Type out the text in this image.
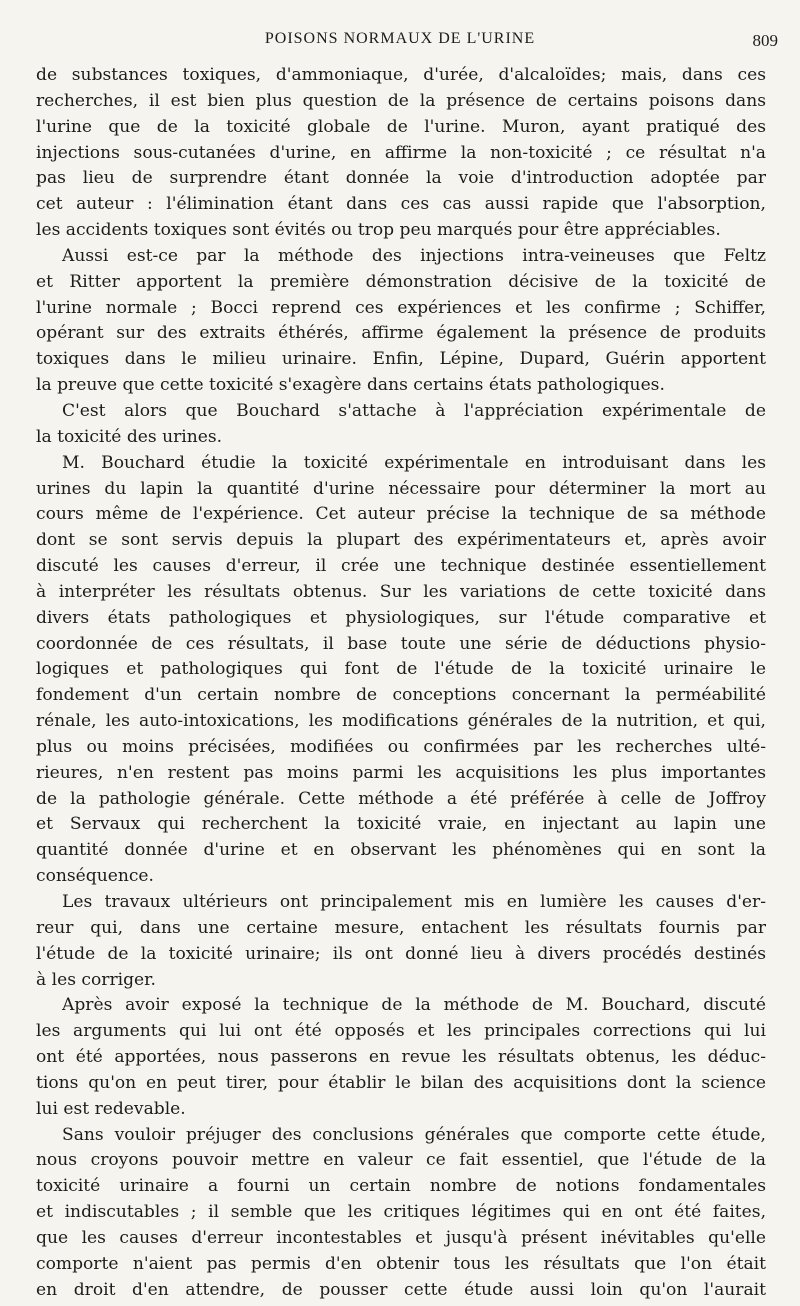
POISONS NORMAUX DE L'URINE	809
de substances toxiques, d'ammoniaque, d'urée, d'alcaloïdes; mais, dans ces
recherches, il est bien plus question de la présence de certains poisons dans
l'urine que de la toxicité globale de l'urine. Muron, ayant pratiqué des
injections sous-cutanées d'urine, en affirme la non-toxicité ; ce résultat n'a
pas lieu de surprendre étant donnée la voie d'introduction adoptée par
cet auteur : l'élimination étant dans ces cas aussi rapide que l'absorption,
les accidents toxiques sont évités ou trop peu marqués pour être appréciables.
Aussi est-ce par la méthode des injections intra-veineuses que Feltz
et Ritter apportent la première démonstration décisive de la toxicité de
l'urine normale ; Bocci reprend ces expériences et les confirme ; Schiffer,
opérant sur des extraits éthérés, affirme également la présence de produits
toxiques dans le milieu urinaire. Enfin, Lépine, Dupard, Guérin apportent
la preuve que cette toxicité s'exagère dans certains états pathologiques.
C'est alors que Bouchard s'attache à l'appréciation expérimentale de
la toxicité des urines.
M. Bouchard étudie la toxicité expérimentale en introduisant dans les
urines du lapin la quantité d'urine nécessaire pour déterminer la mort au
cours même de l'expérience. Cet auteur précise la technique de sa méthode
dont se sont servis depuis la plupart des expérimentateurs et, après avoir
discuté les causes d'erreur, il crée une technique destinée essentiellement
à interpréter les résultats obtenus. Sur les variations de cette toxicité dans
divers états pathologiques et physiologiques, sur l'étude comparative et
coordonnée de ces résultats, il base toute une série de déductions physio-
logiques et pathologiques qui font de l'étude de la toxicité urinaire le
fondement d'un certain nombre de conceptions concernant la perméabilité
rénale, les auto-intoxications, les modifications générales de la nutrition, et qui,
plus ou moins précisées, modifiées ou confirmées par les recherches ulté-
rieures, n'en restent pas moins parmi les acquisitions les plus importantes
de la pathologie générale. Cette méthode a été préférée à celle de Joffroy
et Servaux qui recherchent la toxicité vraie, en injectant au lapin une
quantité donnée d'urine et en observant les phénomènes qui en sont la
conséquence.
Les travaux ultérieurs ont principalement mis en lumière les causes d'er-
reur qui, dans une certaine mesure, entachent les résultats fournis par
l'étude de la toxicité urinaire; ils ont donné lieu à divers procédés destinés
à les corriger.
Après avoir exposé la technique de la méthode de M. Bouchard, discuté
les arguments qui lui ont été opposés et les principales corrections qui lui
ont été apportées, nous passerons en revue les résultats obtenus, les déduc-
tions qu'on en peut tirer, pour établir le bilan des acquisitions dont la science
lui est redevable.
Sans vouloir préjuger des conclusions générales que comporte cette étude,
nous croyons pouvoir mettre en valeur ce fait essentiel, que l'étude de la
toxicité urinaire a fourni un certain nombre de notions fondamentales
et indiscutables ; il semble que les critiques légitimes qui en ont été faites,
que les causes d'erreur incontestables et jusqu'à présent inévitables qu'elle
comporte n'aient pas permis d'en obtenir tous les résultats que l'on était
en droit d'en attendre, de pousser cette étude aussi loin qu'on l'aurait
